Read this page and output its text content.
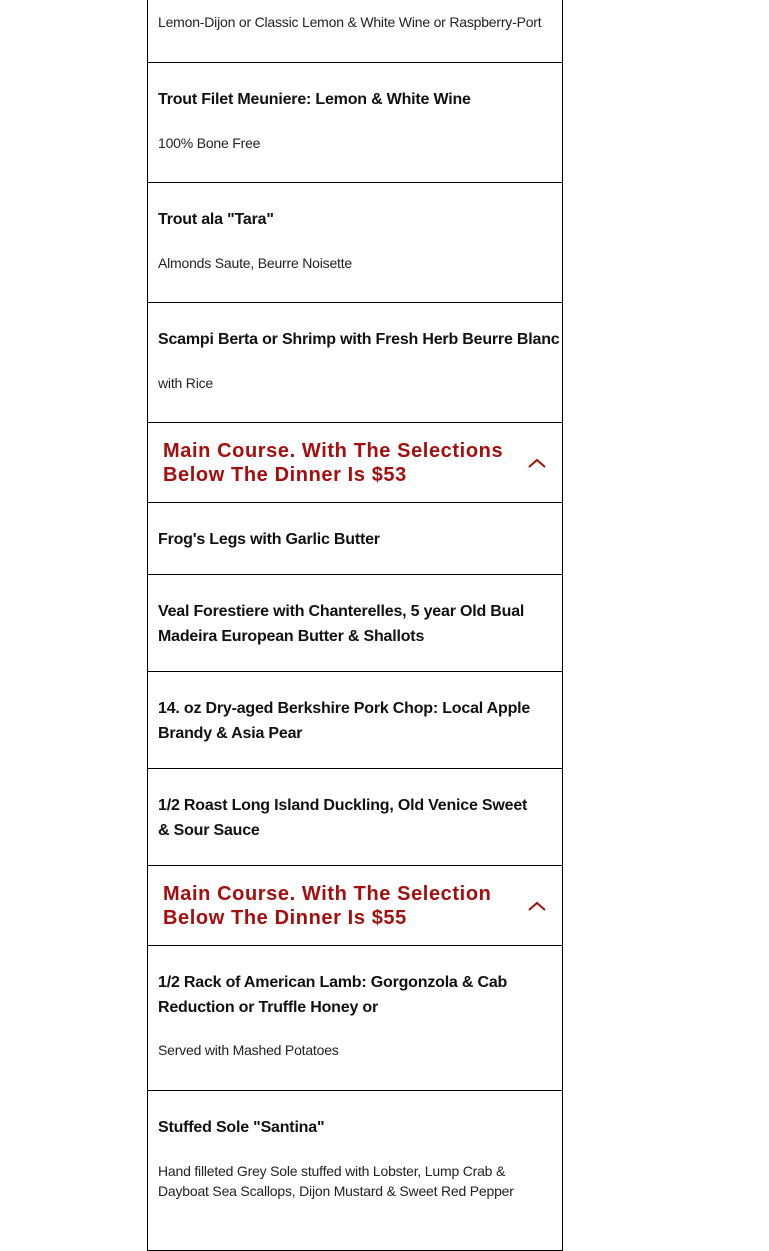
Lemon-Dijon or Classic Lemon & White Wine or Raspberry-Port
Trout Filet Meuniere: Lemon & White Wine
100% Bone Free
Trout ala "Tara"
Almonds Saute, Beurre Noisette
Scampi Berta or Shrimp with Fresh Herb Beurre Blanc
with Rice
Main Course. With The Selections Below The Dinner Is $53
Frog's Legs with Garlic Butter
Veal Forestiere with Chanterelles, 5 year Old Bual Madeira European Butter & Shallots
14. oz Dry-aged Berkshire Pork Chop: Local Apple Brandy & Asia Pear
1/2 Roast Long Island Duckling, Old Venice Sweet & Sour Sauce
Main Course. With The Selection Below The Dinner Is $55
1/2 Rack of American Lamb: Gorgonzola & Cab Reduction or Truffle Honey or
Served with Mashed Potatoes
Stuffed Sole "Santina"
Hand filleted Grey Sole stuffed with Lobster, Lump Crab & Dayboat Sea Scallops, Dijon Mustard & Sweet Red Pepper
